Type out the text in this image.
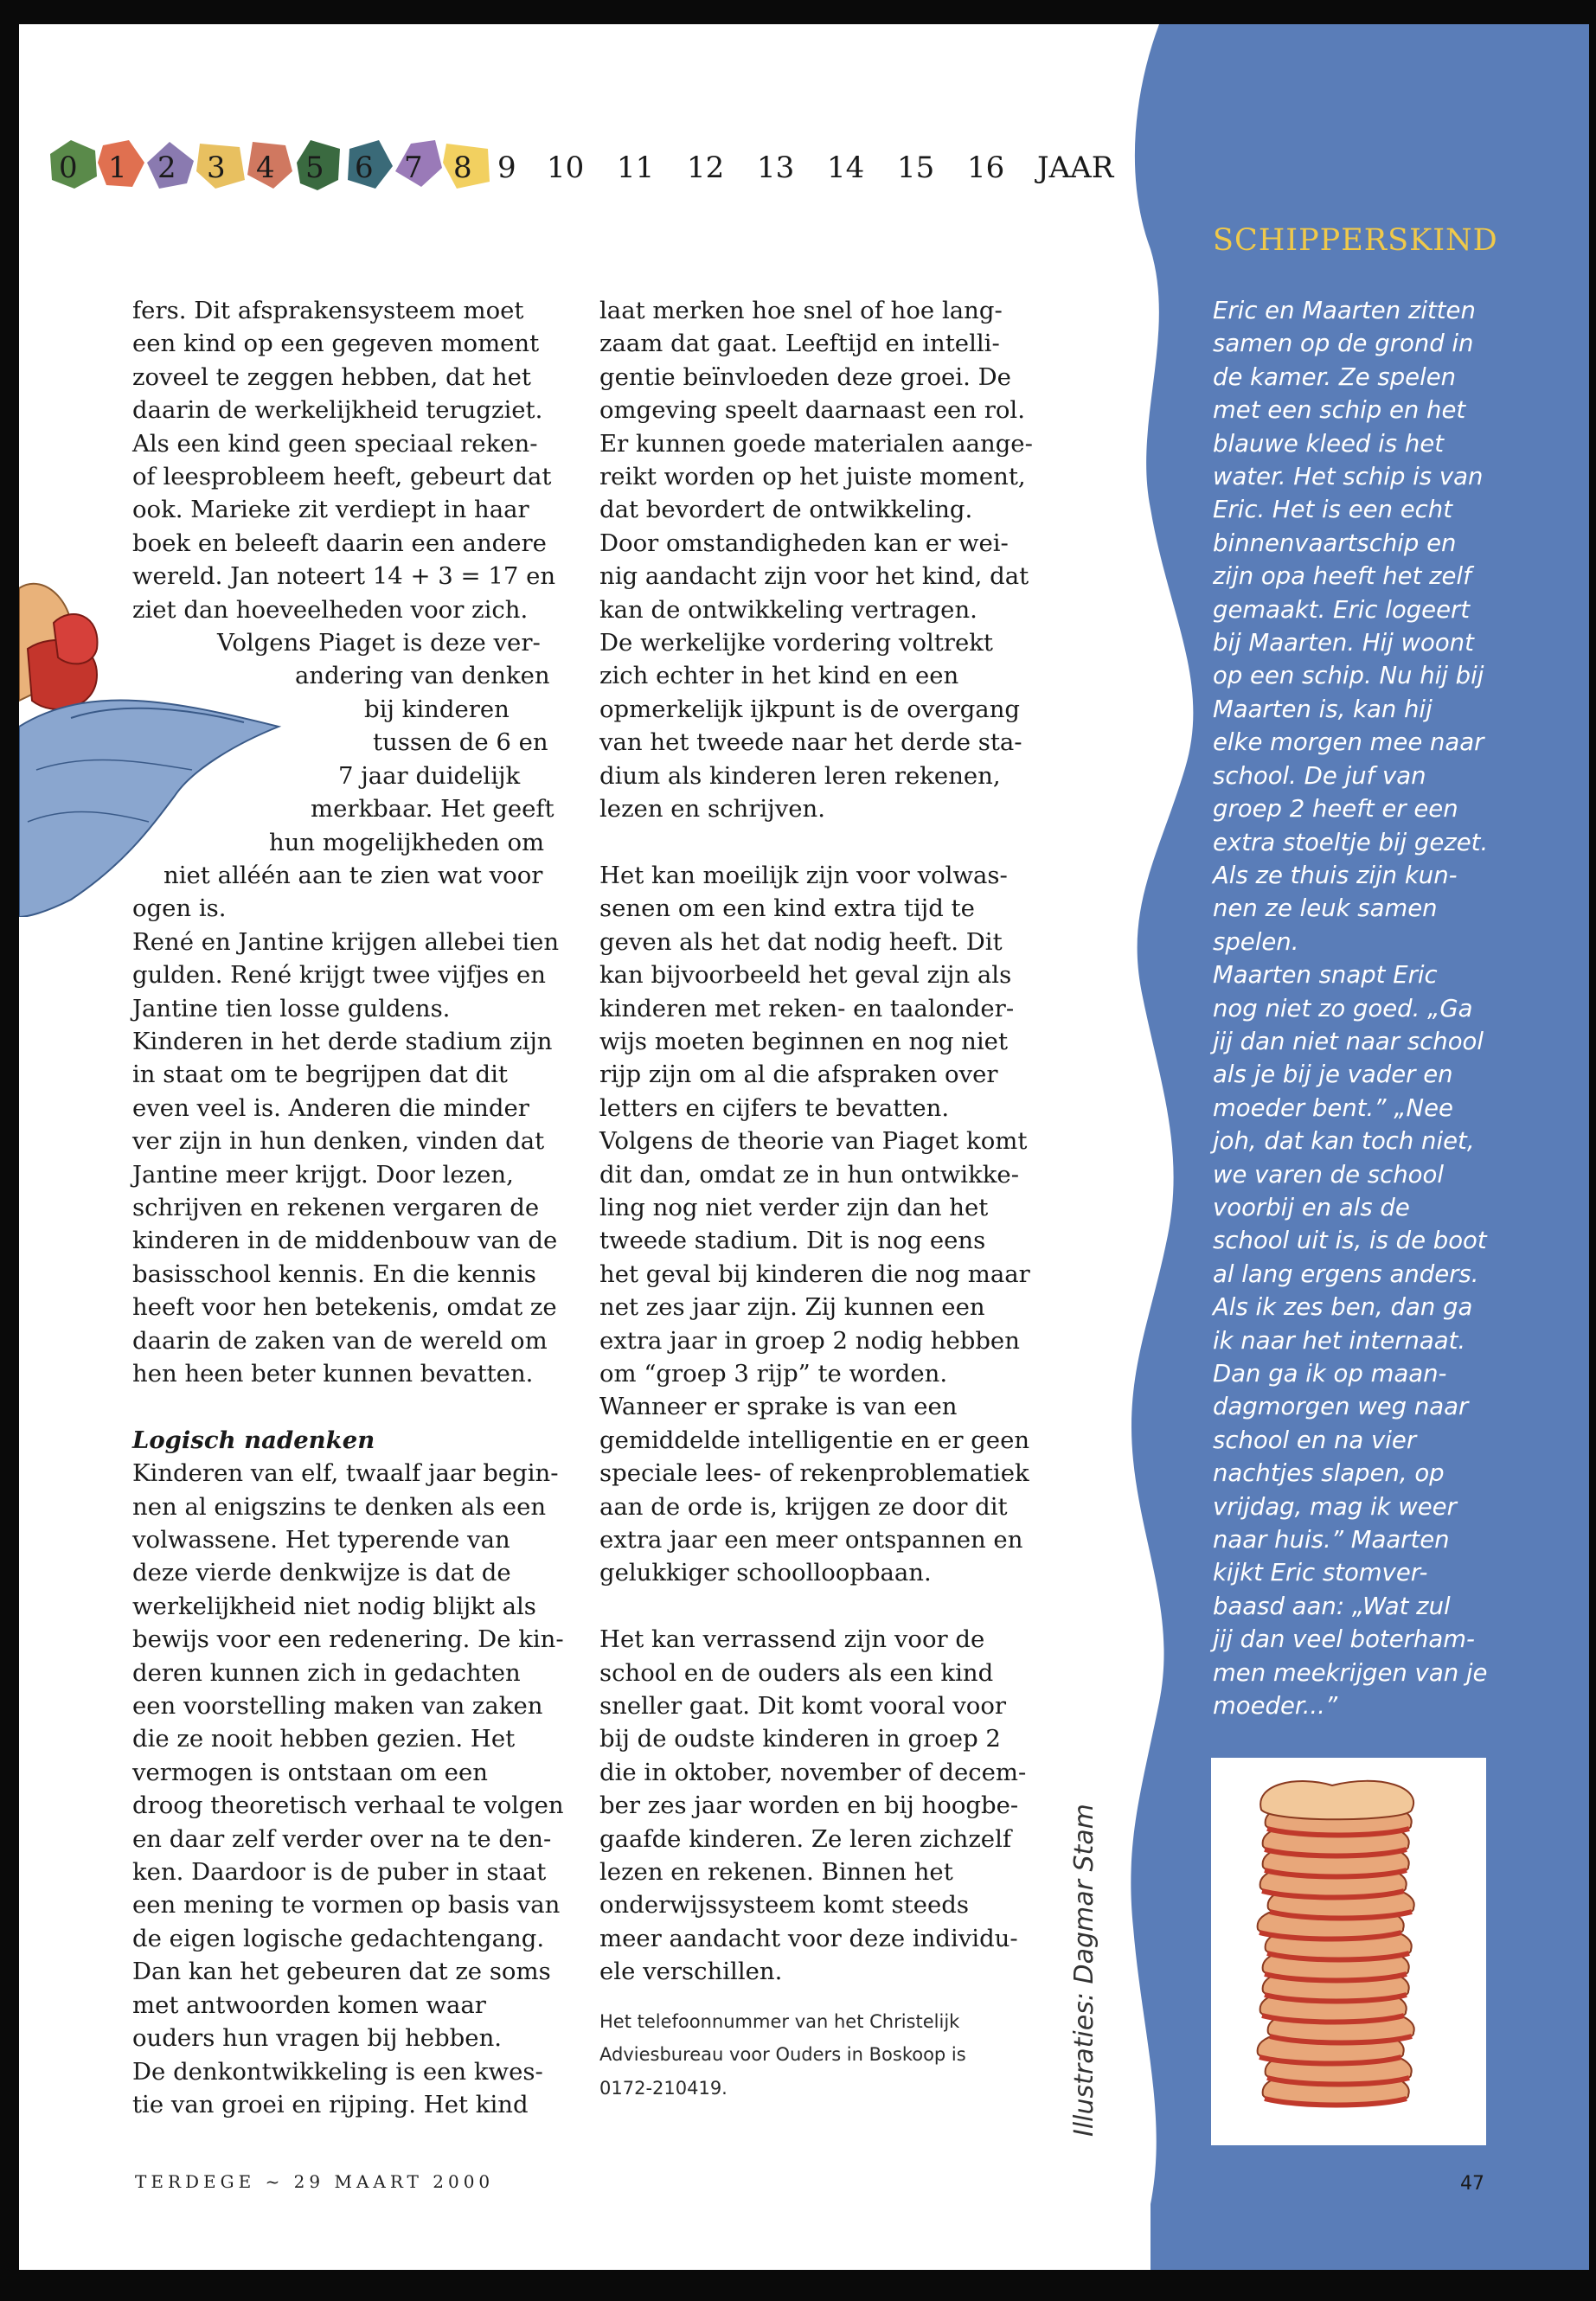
0 1 2 3 4 5 6 7 8 9 10 11 12 13 14 15 16 JAAR

fers. Dit afsprakensysteem moet

een kind op een gegeven moment

zoveel te zeggen hebben, dat het

daarin de werkelijkheid terugziet.

Als een kind geen speciaal reken-

of leesprobleem heeft, gebeurt dat

ook. Marieke zit verdiept in haar

boek en beleeft daarin een andere

wereld. Jan noteert 14 + 3 = 17 en

ziet dan hoeveelheden voor zich.

Volgens Piaget is deze ver-

andering van denken

bij kinderen

tussen de 6 en

7 jaar duidelijk

merkbaar. Het geeft

hun mogelijkheden om

niet alléén aan te zien wat voor

ogen is.

René en Jantine krijgen allebei tien

gulden. René krijgt twee vijfjes en

Jantine tien losse guldens.

Kinderen in het derde stadium zijn

in staat om te begrijpen dat dit

even veel is. Anderen die minder

ver zijn in hun denken, vinden dat

Jantine meer krijgt. Door lezen,

schrijven en rekenen vergaren de

kinderen in de middenbouw van de

basisschool kennis. En die kennis

heeft voor hen betekenis, omdat ze

daarin de zaken van de wereld om

hen heen beter kunnen bevatten.

Logisch nadenken

Kinderen van elf, twaalf jaar begin-

nen al enigszins te denken als een

volwassene. Het typerende van

deze vierde denkwijze is dat de

werkelijkheid niet nodig blijkt als

bewijs voor een redenering. De kin-

deren kunnen zich in gedachten

een voorstelling maken van zaken

die ze nooit hebben gezien. Het

vermogen is ontstaan om een

droog theoretisch verhaal te volgen

en daar zelf verder over na te den-

ken. Daardoor is de puber in staat

een mening te vormen op basis van

de eigen logische gedachtengang.

Dan kan het gebeuren dat ze soms

met antwoorden komen waar

ouders hun vragen bij hebben.

De denkontwikkeling is een kwes-

tie van groei en rijping. Het kind

laat merken hoe snel of hoe lang-

zaam dat gaat. Leeftijd en intelli-

gentie beïnvloeden deze groei. De

omgeving speelt daarnaast een rol.

Er kunnen goede materialen aange-

reikt worden op het juiste moment,

dat bevordert de ontwikkeling.

Door omstandigheden kan er wei-

nig aandacht zijn voor het kind, dat

kan de ontwikkeling vertragen.

De werkelijke vordering voltrekt

zich echter in het kind en een

opmerkelijk ijkpunt is de overgang

van het tweede naar het derde sta-

dium als kinderen leren rekenen,

lezen en schrijven.

Het kan moeilijk zijn voor volwas-

senen om een kind extra tijd te

geven als het dat nodig heeft. Dit

kan bijvoorbeeld het geval zijn als

kinderen met reken- en taalonder-

wijs moeten beginnen en nog niet

rijp zijn om al die afspraken over

letters en cijfers te bevatten.

Volgens de theorie van Piaget komt

dit dan, omdat ze in hun ontwikke-

ling nog niet verder zijn dan het

tweede stadium. Dit is nog eens

het geval bij kinderen die nog maar

net zes jaar zijn. Zij kunnen een

extra jaar in groep 2 nodig hebben

om “groep 3 rijp” te worden.

Wanneer er sprake is van een

gemiddelde intelligentie en er geen

speciale lees- of rekenproblematiek

aan de orde is, krijgen ze door dit

extra jaar een meer ontspannen en

gelukkiger schoolloopbaan.

Het kan verrassend zijn voor de

school en de ouders als een kind

sneller gaat. Dit komt vooral voor

bij de oudste kinderen in groep 2

die in oktober, november of decem-

ber zes jaar worden en bij hoogbe-

gaafde kinderen. Ze leren zichzelf

lezen en rekenen. Binnen het

onderwijssysteem komt steeds

meer aandacht voor deze individu-

ele verschillen.

Het telefoonnummer van het Christelijk

Adviesbureau voor Ouders in Boskoop is

0172-210419.

SCHIPPERSKIND

Eric en Maarten zitten

samen op de grond in

de kamer. Ze spelen

met een schip en het

blauwe kleed is het

water. Het schip is van

Eric. Het is een echt

binnenvaartschip en

zijn opa heeft het zelf

gemaakt. Eric logeert

bij Maarten. Hij woont

op een schip. Nu hij bij

Maarten is, kan hij

elke morgen mee naar

school. De juf van

groep 2 heeft er een

extra stoeltje bij gezet.

Als ze thuis zijn kun-

nen ze leuk samen

spelen.

Maarten snapt Eric

nog niet zo goed. „Ga

jij dan niet naar school

als je bij je vader en

moeder bent.” „Nee

joh, dat kan toch niet,

we varen de school

voorbij en als de

school uit is, is de boot

al lang ergens anders.

Als ik zes ben, dan ga

ik naar het internaat.

Dan ga ik op maan-

dagmorgen weg naar

school en na vier

nachtjes slapen, op

vrijdag, mag ik weer

naar huis.” Maarten

kijkt Eric stomver-

baasd aan: „Wat zul

jij dan veel boterham-

men meekrijgen van je

moeder...”

Illustraties: Dagmar Stam
TERDEGE ~ 29 MAART 2000	47
